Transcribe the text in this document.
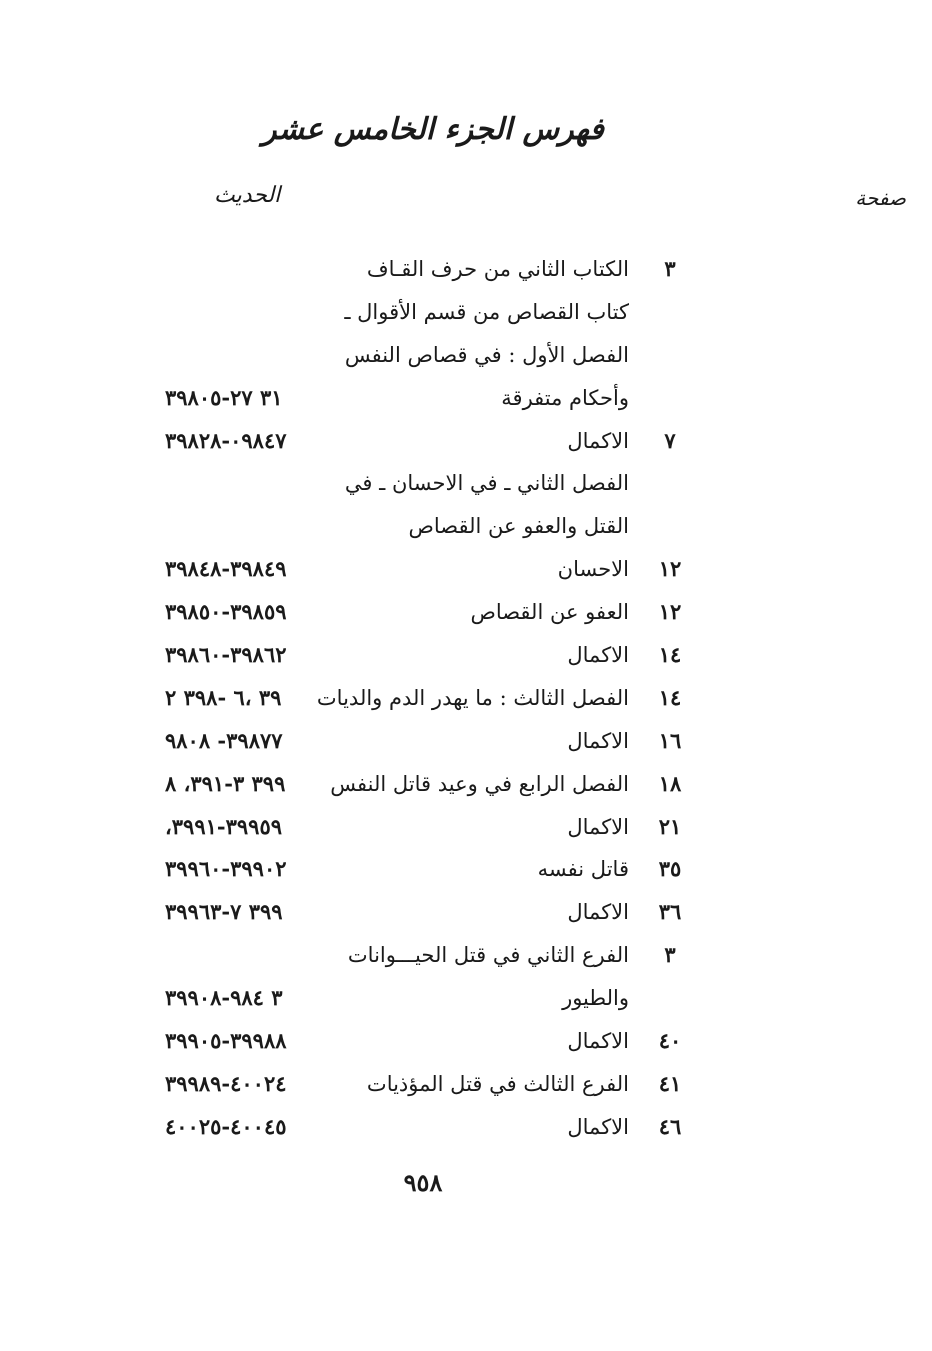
فهرس الجزء الخامس عشر
صفحة
الحديث
٣
الكتاب الثاني من حرف القـاف
كتاب القصاص من قسم الأقوال ـ
الفصل الأول : في قصاص النفس
وأحكام متفرقة
٣١ ٢٧-٣٩٨٠٥
٧
الاكمال
٠٩٨٤٧-٣٩٨٢٨
الفصل الثاني ـ في الاحسان ـ في
القتل والعفو عن القصاص
١٢
الاحسان
٣٩٨٤٩-٣٩٨٤٨
١٢
العفو عن القصاص
٣٩٨٥٩-٣٩٨٥٠
١٤
الاكمال
٣٩٨٦٢-٣٩٨٦٠
١٤
الفصل الثالث : ما يهدر الدم والديات
٣٩ ،٦ -٣٩٨ ٢
١٦
الاكمال
٣٩٨٧٧- ٩٨٠٨
١٨
الفصل الرابع في وعيد قاتل النفس
٣٩٩ ٣-٣٩١، ٨
٢١
الاكمال
٣٩٩٥٩-٣٩٩١،
٣٥
قاتل نفسه
٣٩٩٠٢-٣٩٩٦٠
٣٦
الاكمال
٣٩٩ ٧-٣٩٩٦٣
٣
الفرع الثاني في قتل الحيـــوانات
والطيور
٣ ٩٨٤-٣٩٩٠٨
٤٠
الاكمال
٣٩٩٨٨-٣٩٩٠٥
٤١
الفرع الثالث في قتل المؤذيات
٤٠٠٢٤-٣٩٩٨٩
٤٦
الاكمال
٤٠٠٤٥-٤٠٠٢٥
٩٥٨
